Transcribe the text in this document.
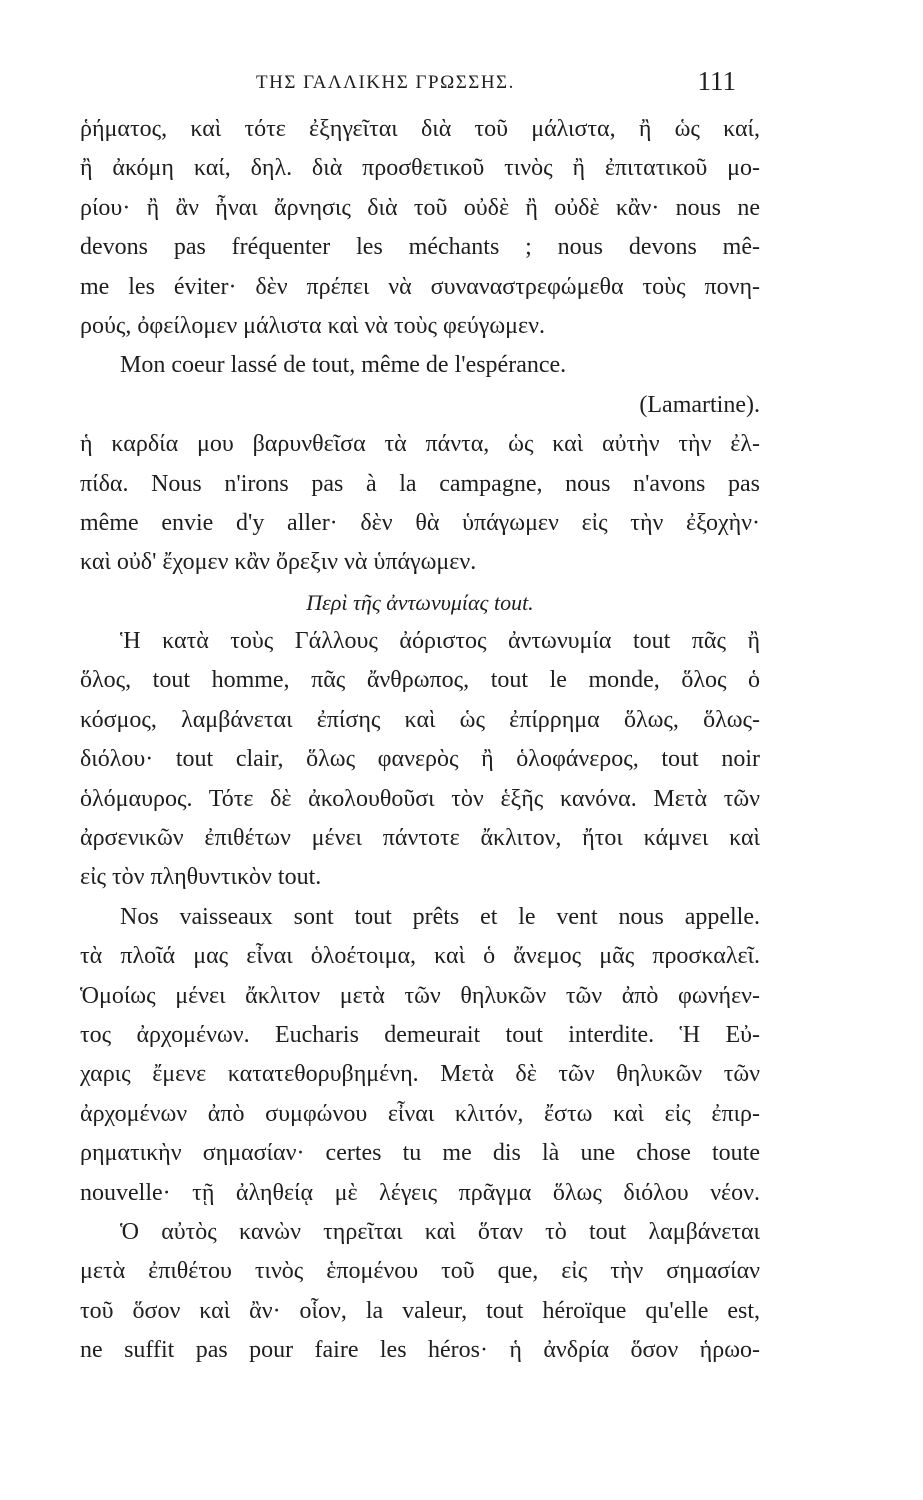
ΤΗΣ ΓΑΛΛΙΚΗΣ ΓΡΩΣΣΗΣ.	111
ῥήματος, καὶ τότε ἐξηγεῖται διὰ τοῦ μάλιστα, ἢ ὡς καί,
ἢ ἀκόμη καί, δηλ. διὰ προσθετικοῦ τινὸς ἢ ἐπιτατικοῦ μο-
ρίου· ἢ ἂν ἦναι ἄρνησις διὰ τοῦ οὐδὲ ἢ οὐδὲ κἂν· nous ne
devons pas fréquenter les méchants ; nous devons mê-
me les éviter· δὲν πρέπει νὰ συναναστρεφώμεθα τοὺς πονη-
ρούς, ὀφείλομεν μάλιστα καὶ νὰ τοὺς φεύγωμεν.
Mon coeur lassé de tout, même de l'espérance.
(Lamartine).
ἡ καρδία μου βαρυνθεῖσα τὰ πάντα, ὡς καὶ αὐτὴν τὴν ἐλ-
πίδα. Nous n'irons pas à la campagne, nous n'avons pas
même envie d'y aller· δὲν θὰ ὑπάγωμεν εἰς τὴν ἐξοχὴν·
καὶ οὐδ' ἔχομεν κἂν ὄρεξιν νὰ ὑπάγωμεν.
Περὶ τῆς ἀντωνυμίας tout.
Ἡ κατὰ τοὺς Γάλλους ἀόριστος ἀντωνυμία tout πᾶς ἢ
ὅλος, tout homme, πᾶς ἄνθρωπος, tout le monde, ὅλος ὁ
κόσμος, λαμβάνεται ἐπίσης καὶ ὡς ἐπίρρημα ὅλως, ὅλως-
διόλου· tout clair, ὅλως φανερὸς ἢ ὁλοφάνερος, tout noir
ὁλόμαυρος. Τότε δὲ ἀκολουθοῦσι τὸν ἑξῆς κανόνα. Μετὰ τῶν
ἀρσενικῶν ἐπιθέτων μένει πάντοτε ἄκλιτον, ἤτοι κάμνει καὶ
εἰς τὸν πληθυντικὸν tout.
Nos vaisseaux sont tout prêts et le vent nous appelle.
τὰ πλοῖά μας εἶναι ὁλοέτοιμα, καὶ ὁ ἄνεμος μᾶς προσκαλεῖ.
Ὁμοίως μένει ἄκλιτον μετὰ τῶν θηλυκῶν τῶν ἀπὸ φωνήεν-
τος ἀρχομένων. Eucharis demeurait tout interdite. Ἡ Εὐ-
χαρις ἔμενε κατατεθορυβημένη. Μετὰ δὲ τῶν θηλυκῶν τῶν
ἀρχομένων ἀπὸ συμφώνου εἶναι κλιτόν, ἔστω καὶ εἰς ἐπιρ-
ρηματικὴν σημασίαν· certes tu me dis là une chose toute
nouvelle· τῇ ἀληθείᾳ μὲ λέγεις πρᾶγμα ὅλως διόλου νέον.
Ὁ αὐτὸς κανὼν τηρεῖται καὶ ὅταν τὸ tout λαμβάνεται
μετὰ ἐπιθέτου τινὸς ἑπομένου τοῦ que, εἰς τὴν σημασίαν
τοῦ ὅσον καὶ ἂν· οἷον, la valeur, tout héroïque qu'elle est,
ne suffit pas pour faire les héros· ἡ ἀνδρία ὅσον ἡρωο-
